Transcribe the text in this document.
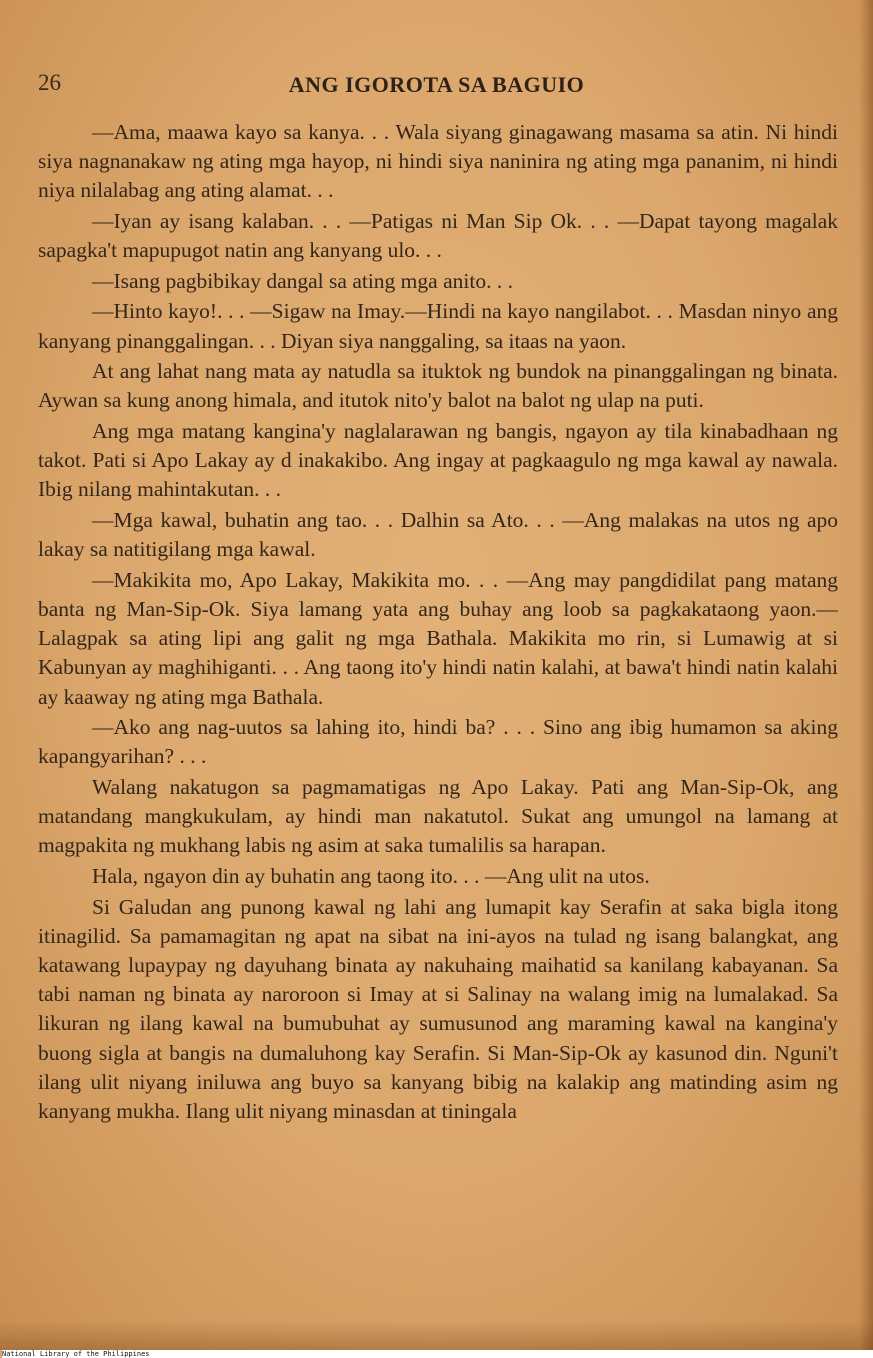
26	ANG IGOROTA SA BAGUIO

—Ama, maawa kayo sa kanya. . . Wala siyang ginagawang masama sa atin. Ni hindi siya nagnanakaw ng ating mga hayop, ni hindi siya naninira ng ating mga pananim, ni hindi niya nilalabag ang ating alamat. . .

—Iyan ay isang kalaban. . . —Patigas ni Man Sip Ok. . . —Dapat tayong magalak sapagka't mapupugot natin ang kanyang ulo. . .

—Isang pagbibikay dangal sa ating mga anito. . .

—Hinto kayo!. . . —Sigaw na Imay.—Hindi na kayo nangilabot. . . Masdan ninyo ang kanyang pinanggalingan. . . Diyan siya nanggaling, sa itaas na yaon.

At ang lahat nang mata ay natudla sa ituktok ng bundok na pinanggalingan ng binata. Aywan sa kung anong himala, and itutok nito'y balot na balot ng ulap na puti.

Ang mga matang kangina'y naglalarawan ng bangis, ngayon ay tila kinabadhaan ng takot. Pati si Apo Lakay ay d inakakibo. Ang ingay at pagkaagulo ng mga kawal ay nawala. Ibig nilang mahintakutan. . .

—Mga kawal, buhatin ang tao. . . Dalhin sa Ato. . . —Ang malakas na utos ng apo lakay sa natitigilang mga kawal.

—Makikita mo, Apo Lakay, Makikita mo. . . —Ang may pangdidilat pang matang banta ng Man-Sip-Ok. Siya lamang yata ang buhay ang loob sa pagkakataong yaon.—Lalagpak sa ating lipi ang galit ng mga Bathala. Makikita mo rin, si Lumawig at si Kabunyan ay maghihiganti. . . Ang taong ito'y hindi natin kalahi, at bawa't hindi natin kalahi ay kaaway ng ating mga Bathala.

—Ako ang nag-uutos sa lahing ito, hindi ba? . . . Sino ang ibig humamon sa aking kapangyarihan? . . .

Walang nakatugon sa pagmamatigas ng Apo Lakay. Pati ang Man-Sip-Ok, ang matandang mangkukulam, ay hindi man nakatutol. Sukat ang umungol na lamang at magpakita ng mukhang labis ng asim at saka tumalilis sa harapan.

Hala, ngayon din ay buhatin ang taong ito. . . —Ang ulit na utos.

Si Galudan ang punong kawal ng lahi ang lumapit kay Serafin at saka bigla itong itinagilid. Sa pamamagitan ng apat na sibat na ini-ayos na tulad ng isang balangkat, ang katawang lupaypay ng dayuhang binata ay nakuhaing maihatid sa kanilang kabayanan. Sa tabi naman ng binata ay naroroon si Imay at si Salinay na walang imig na lumalakad. Sa likuran ng ilang kawal na bumubuhat ay sumusunod ang maraming kawal na kangina'y buong sigla at bangis na dumaluhong kay Serafin. Si Man-Sip-Ok ay kasunod din. Nguni't ilang ulit niyang iniluwa ang buyo sa kanyang bibig na kalakip ang matinding asim ng kanyang mukha. Ilang ulit niyang minasdan at tiningala

National Library of the Philippines
